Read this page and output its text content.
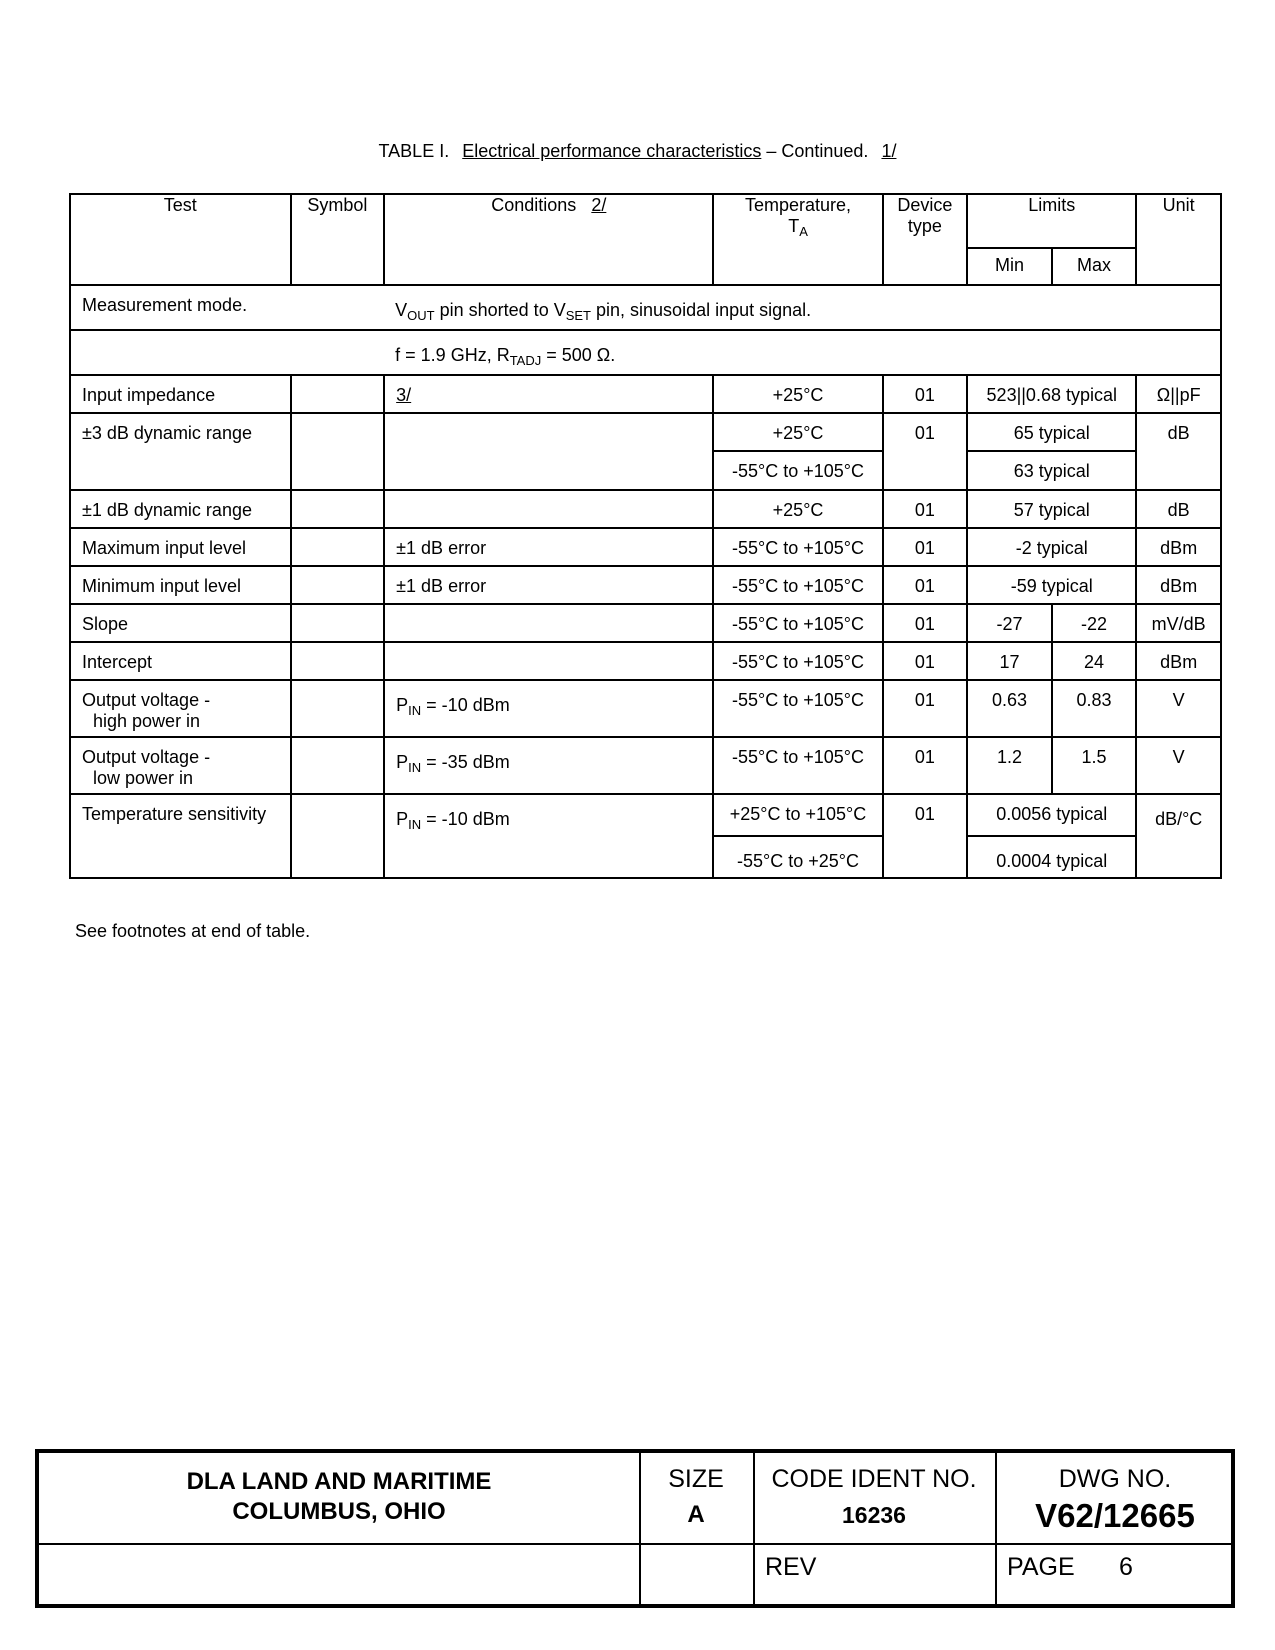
TABLE I. Electrical performance characteristics – Continued. 1/
Test	Symbol	Conditions 2/	Temperature,
$T_A$	Device type	Limits		Unit
					Min	Max	
Measurement mode.		$V_{OUT}$ pin shorted to $V_{SET}$ pin, sinusoidal input signal.					
		f = 1.9 GHz, $R_{TADJ} = 500$ Ω.					
Input impedance		3/	+25°C	01	523||0.68 typical		Ω||pF
±3 dB dynamic range			+25°C	01	65 typical		dB
			-55°C to +105°C		63 typical		
±1 dB dynamic range			+25°C	01	57 typical		dB
Maximum input level		±1 dB error	-55°C to +105°C	01	-2 typical		dBm
Minimum input level		±1 dB error	-55°C to +105°C	01	-59 typical		dBm
Slope			-55°C to +105°C	01	-27	-22	mV/dB
Intercept			-55°C to +105°C	01	17	24	dBm
Output voltage -
high power in		$P_{IN} = -10$ dBm	-55°C to +105°C	01	0.63	0.83	V
Output voltage -
low power in		$P_{IN} = -35$ dBm	-55°C to +105°C	01	1.2	1.5	V
Temperature sensitivity		$P_{IN} = -10$ dBm	+25°C to +105°C	01	0.0056 typical		dB/°C
			-55°C to +25°C		0.0004 typical		
See footnotes at end of table.
DLA LAND AND MARITIME
COLUMBUS, OHIO
SIZE
A
CODE IDENT NO.
16236
DWG NO.
V62/12665
REV	PAGE 6
